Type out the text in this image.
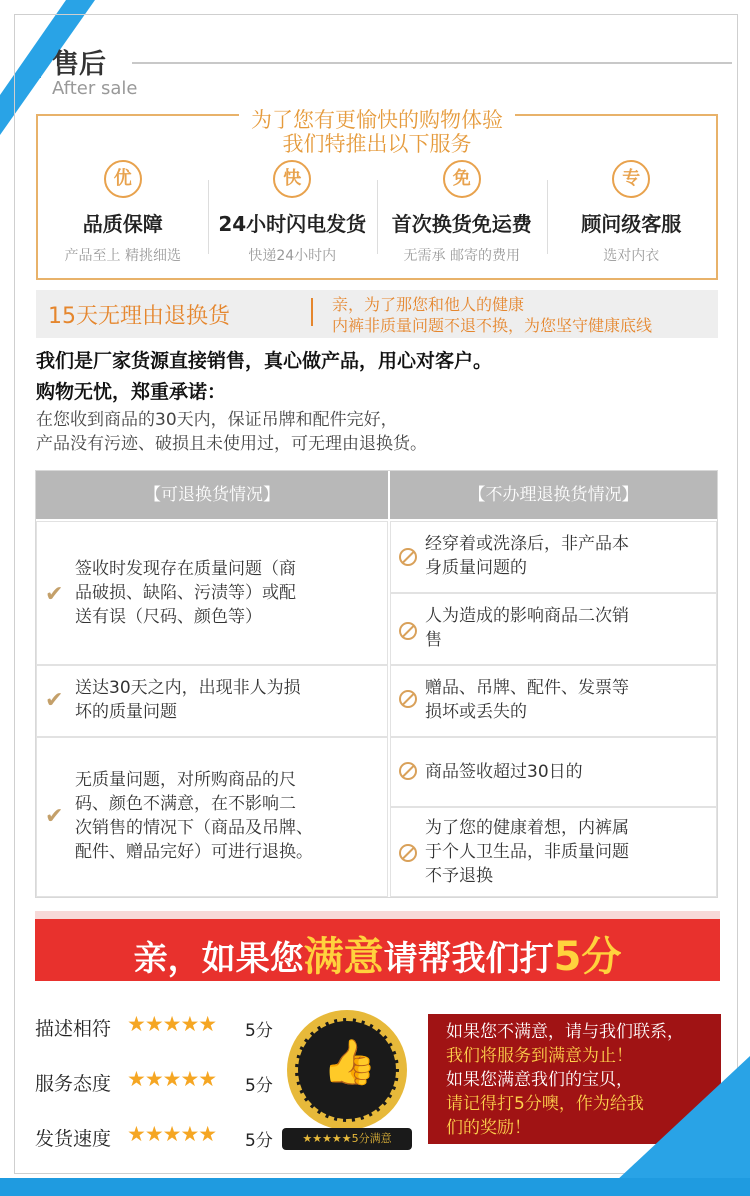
售后
After sale
为了您有更愉快的购物体验
我们特推出以下服务
优
品质保障
产品至上 精挑细选
快
24小时闪电发货
快递24小时内
免
首次换货免运费
无需承 邮寄的费用
专
顾问级客服
选对内衣
15天无理由退换货	亲，为了那您和他人的健康
内裤非质量问题不退不换，为您坚守健康底线
我们是厂家货源直接销售，真心做产品，用心对客户。
购物无忧，郑重承诺：
在您收到商品的30天内，保证吊牌和配件完好，
产品没有污迹、破损且未使用过，可无理由退换货。
【可退换货情况】	【不办理退换货情况】
✔
签收时发现存在质量问题（商
品破损、缺陷、污渍等）或配
送有误（尺码、颜色等）
✔ 送达30天之内，出现非人为损
坏的质量问题
✔
无质量问题，对所购商品的尺
码、颜色不满意，在不影响二
次销售的情况下（商品及吊牌、
配件、赠品完好）可进行退换。
经穿着或洗涤后，非产品本
身质量问题的
人为造成的影响商品二次销
售
赠品、吊牌、配件、发票等
损坏或丢失的
商品签收超过30日的
为了您的健康着想，内裤属
于个人卫生品，非质量问题
不予退换
亲，如果您满意请帮我们打5分
描述相符 ★★★★★ 5分
服务态度 ★★★★★ 5分
发货速度 ★★★★★ 5分
👍
★★★★★5分满意
如果您不满意，请与我们联系，
我们将服务到满意为止！
如果您满意我们的宝贝，
请记得打5分噢，作为给我
们的奖励！
